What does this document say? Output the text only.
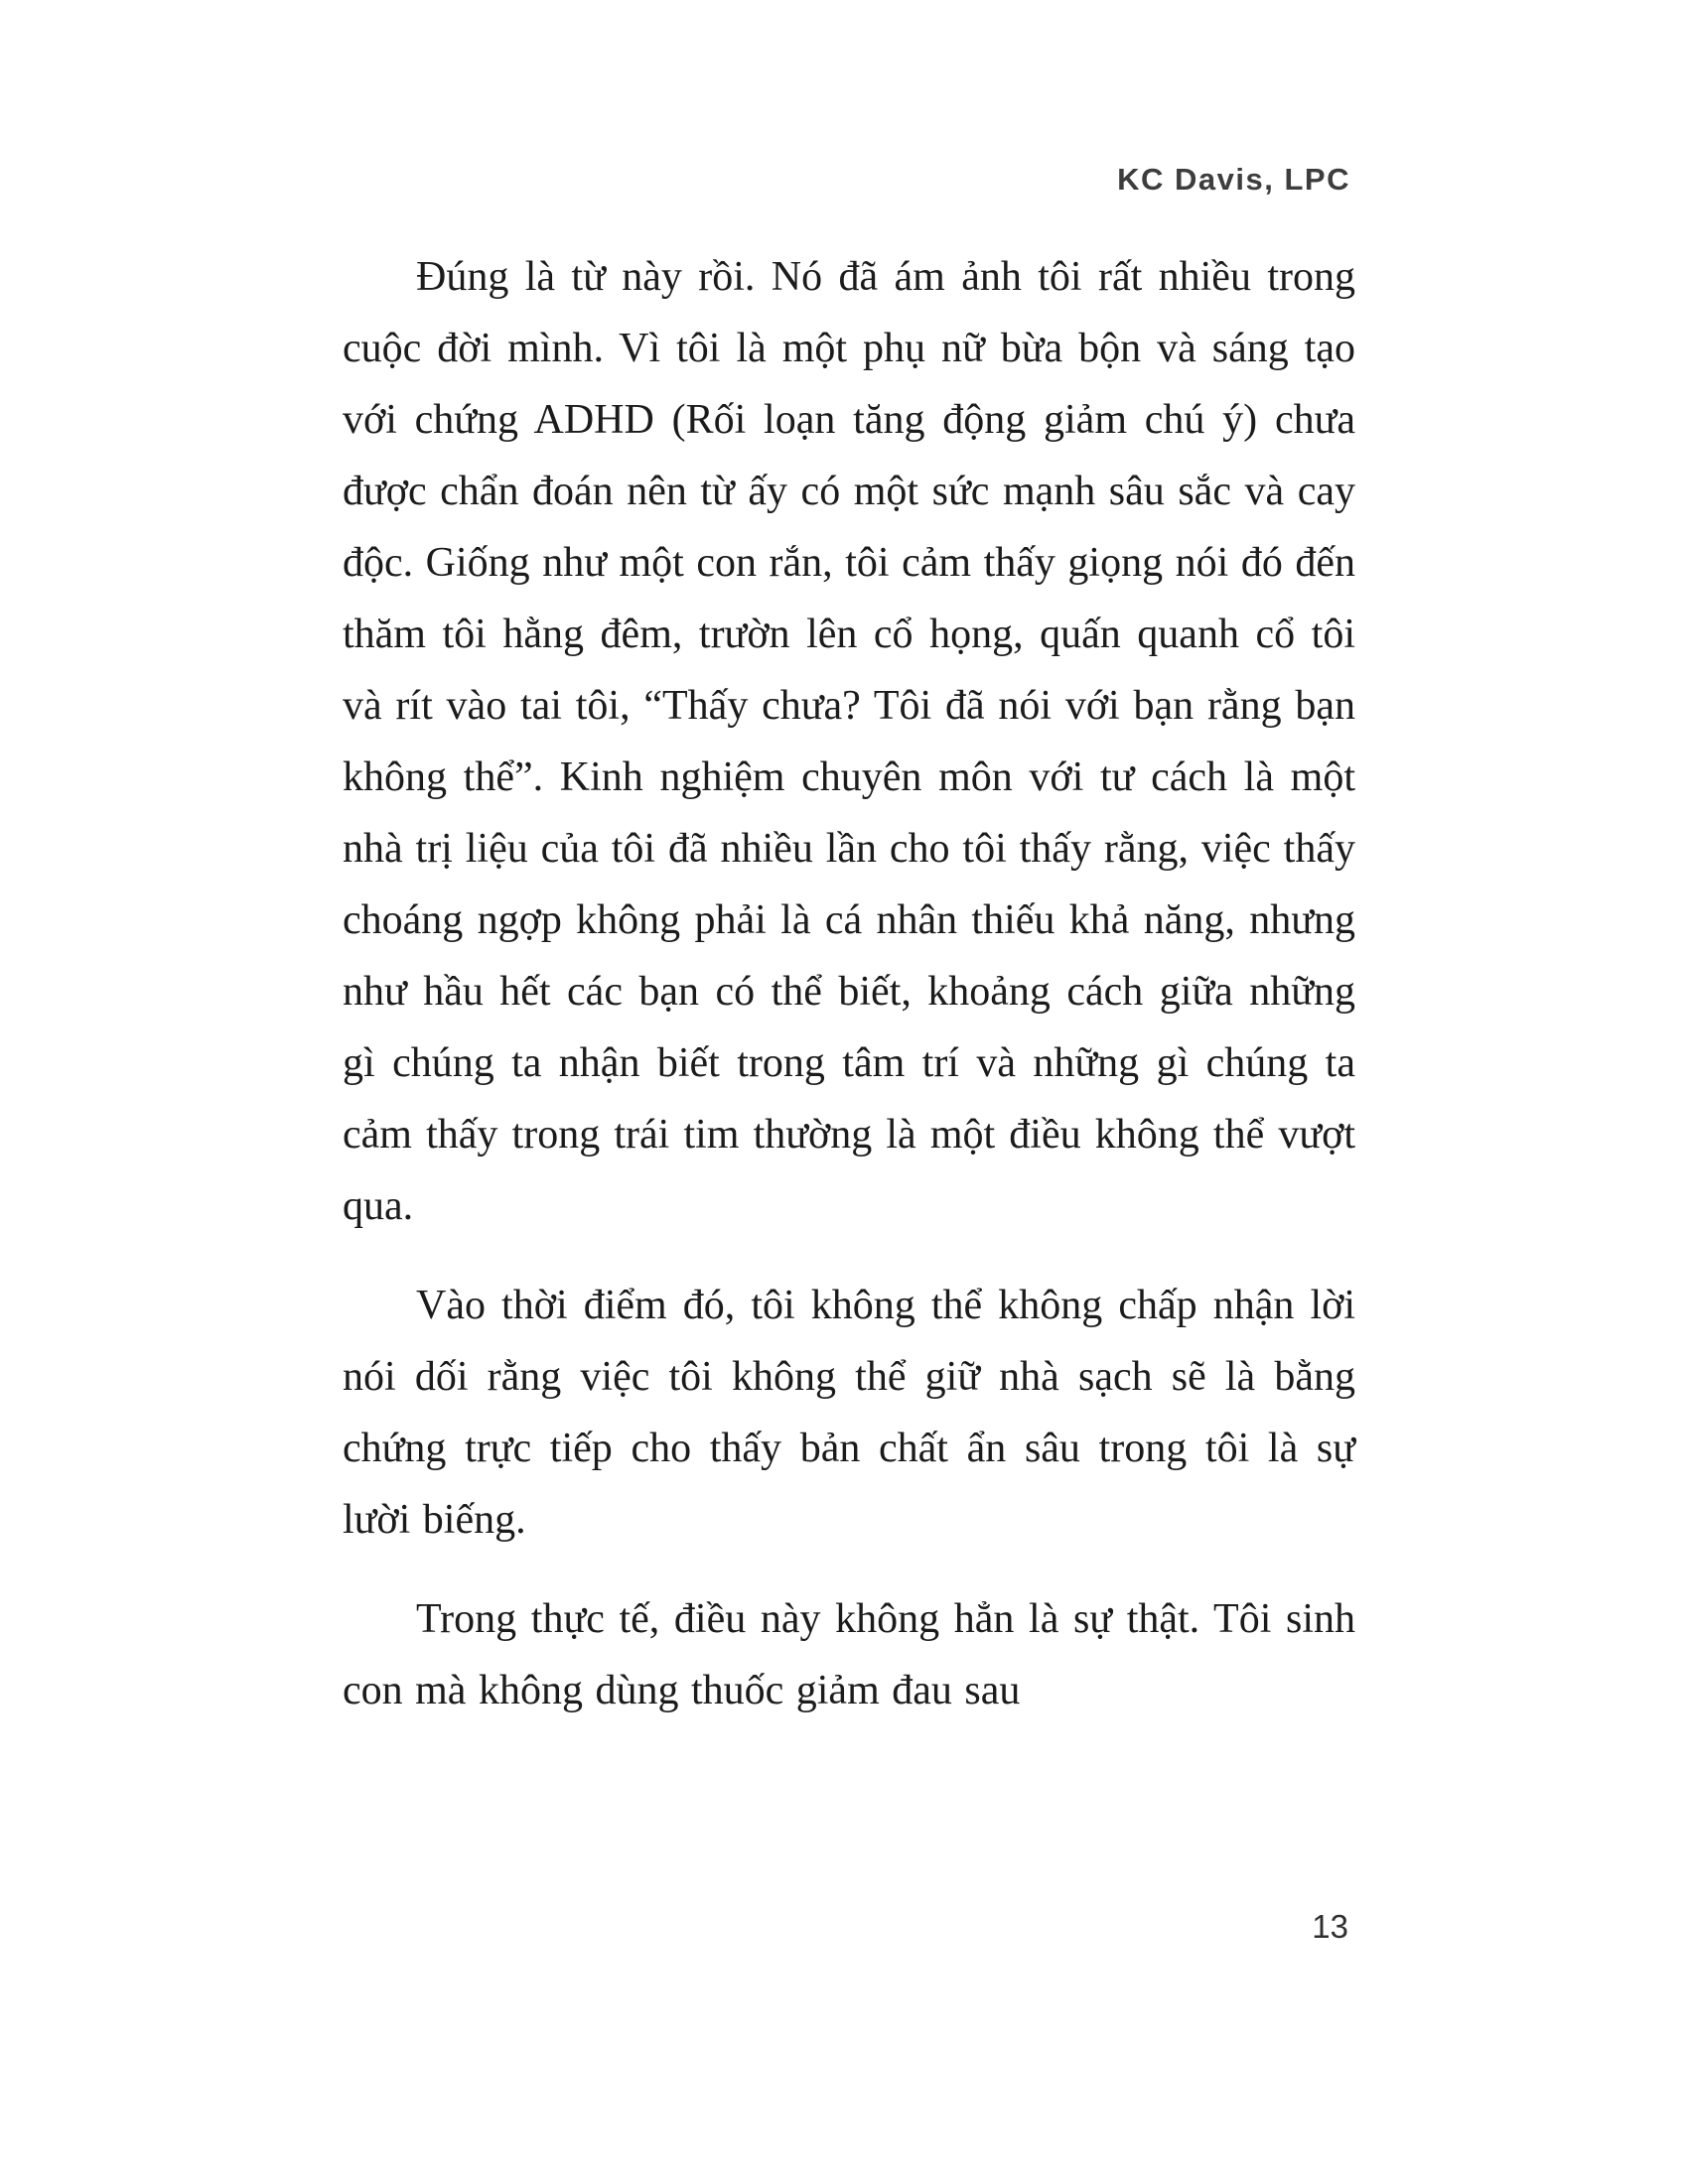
KC Davis, LPC

Đúng là từ này rồi. Nó đã ám ảnh tôi rất nhiều trong cuộc đời mình. Vì tôi là một phụ nữ bừa bộn và sáng tạo với chứng ADHD (Rối loạn tăng động giảm chú ý) chưa được chẩn đoán nên từ ấy có một sức mạnh sâu sắc và cay độc. Giống như một con rắn, tôi cảm thấy giọng nói đó đến thăm tôi hằng đêm, trườn lên cổ họng, quấn quanh cổ tôi và rít vào tai tôi, “Thấy chưa? Tôi đã nói với bạn rằng bạn không thể”. Kinh nghiệm chuyên môn với tư cách là một nhà trị liệu của tôi đã nhiều lần cho tôi thấy rằng, việc thấy choáng ngợp không phải là cá nhân thiếu khả năng, nhưng như hầu hết các bạn có thể biết, khoảng cách giữa những gì chúng ta nhận biết trong tâm trí và những gì chúng ta cảm thấy trong trái tim thường là một điều không thể vượt qua.

Vào thời điểm đó, tôi không thể không chấp nhận lời nói dối rằng việc tôi không thể giữ nhà sạch sẽ là bằng chứng trực tiếp cho thấy bản chất ẩn sâu trong tôi là sự lười biếng.

Trong thực tế, điều này không hẳn là sự thật. Tôi sinh con mà không dùng thuốc giảm đau sau

13
